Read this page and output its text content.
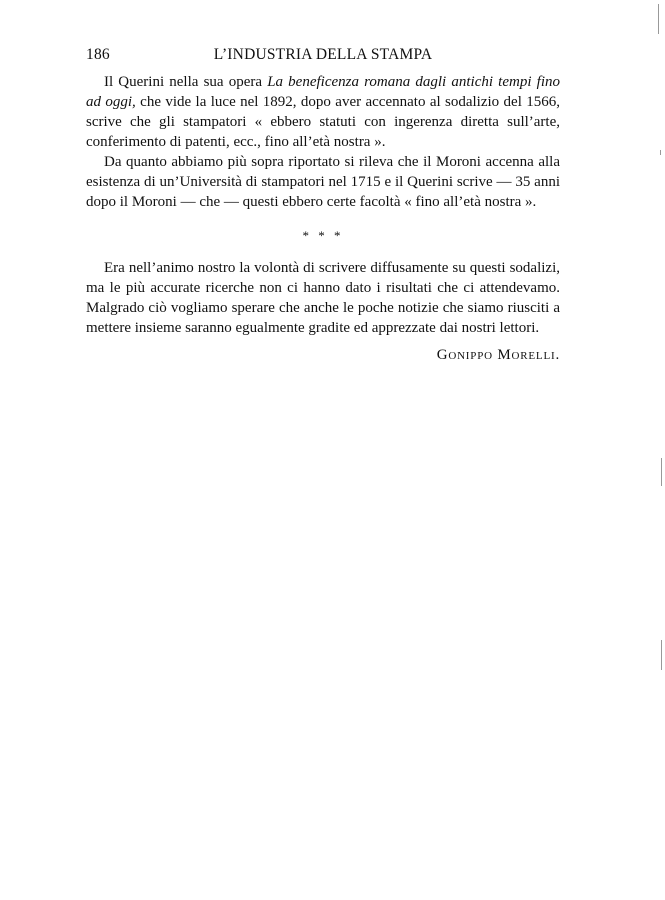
186	L’INDUSTRIA DELLA STAMPA

Il Querini nella sua opera La beneficenza romana dagli antichi tempi fino ad oggi, che vide la luce nel 1892, dopo aver accennato al sodalizio del 1566, scrive che gli stampatori « ebbero statuti con ingerenza diretta sull’arte, conferimento di patenti, ecc., fino all’età nostra ».

Da quanto abbiamo più sopra riportato si rileva che il Moroni accenna alla esistenza di un’Università di stampatori nel 1715 e il Querini scrive — 35 anni dopo il Moroni — che — questi ebbero certe facoltà « fino all’età nostra ».

* * *

Era nell’animo nostro la volontà di scrivere diffusamente su questi sodalizi, ma le più accurate ricerche non ci hanno dato i risultati che ci attendevamo. Malgrado ciò vogliamo sperare che anche le poche notizie che siamo riusciti a mettere insieme saranno egualmente gradite ed apprezzate dai nostri lettori.

Gonippo Morelli.
